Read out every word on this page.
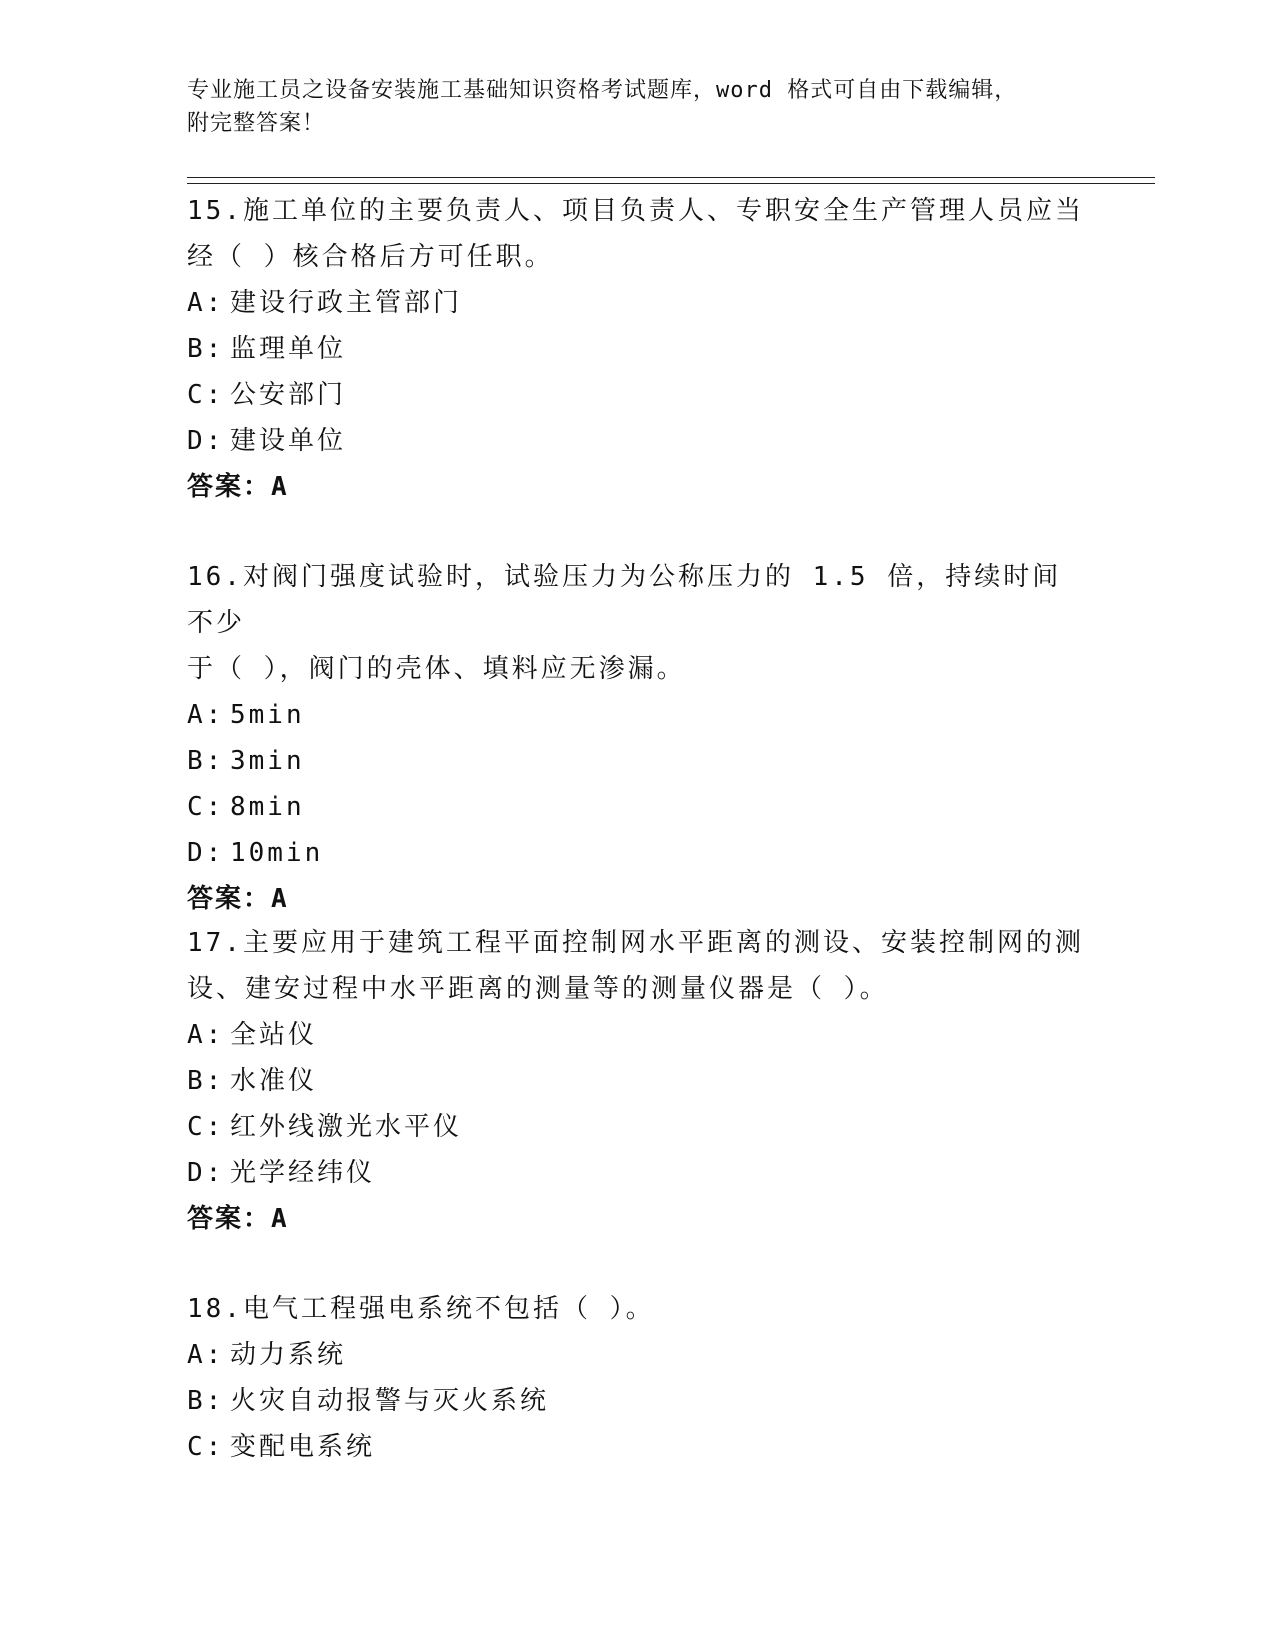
专业施工员之设备安装施工基础知识资格考试题库，word 格式可自由下载编辑，
附完整答案！

15.施工单位的主要负责人、项目负责人、专职安全生产管理人员应当

经（ ）核合格后方可任职。

A: 建设行政主管部门

B: 监理单位

C: 公安部门

D: 建设单位

答案：A

16.对阀门强度试验时，试验压力为公称压力的 1.5 倍，持续时间不少

于（ ），阀门的壳体、填料应无渗漏。

A: 5min

B: 3min

C: 8min

D: 10min

答案：A

17.主要应用于建筑工程平面控制网水平距离的测设、安装控制网的测

设、建安过程中水平距离的测量等的测量仪器是（ ）。

A: 全站仪

B: 水准仪

C: 红外线激光水平仪

D: 光学经纬仪

答案：A

18.电气工程强电系统不包括（ ）。

A: 动力系统

B: 火灾自动报警与灭火系统

C: 变配电系统
